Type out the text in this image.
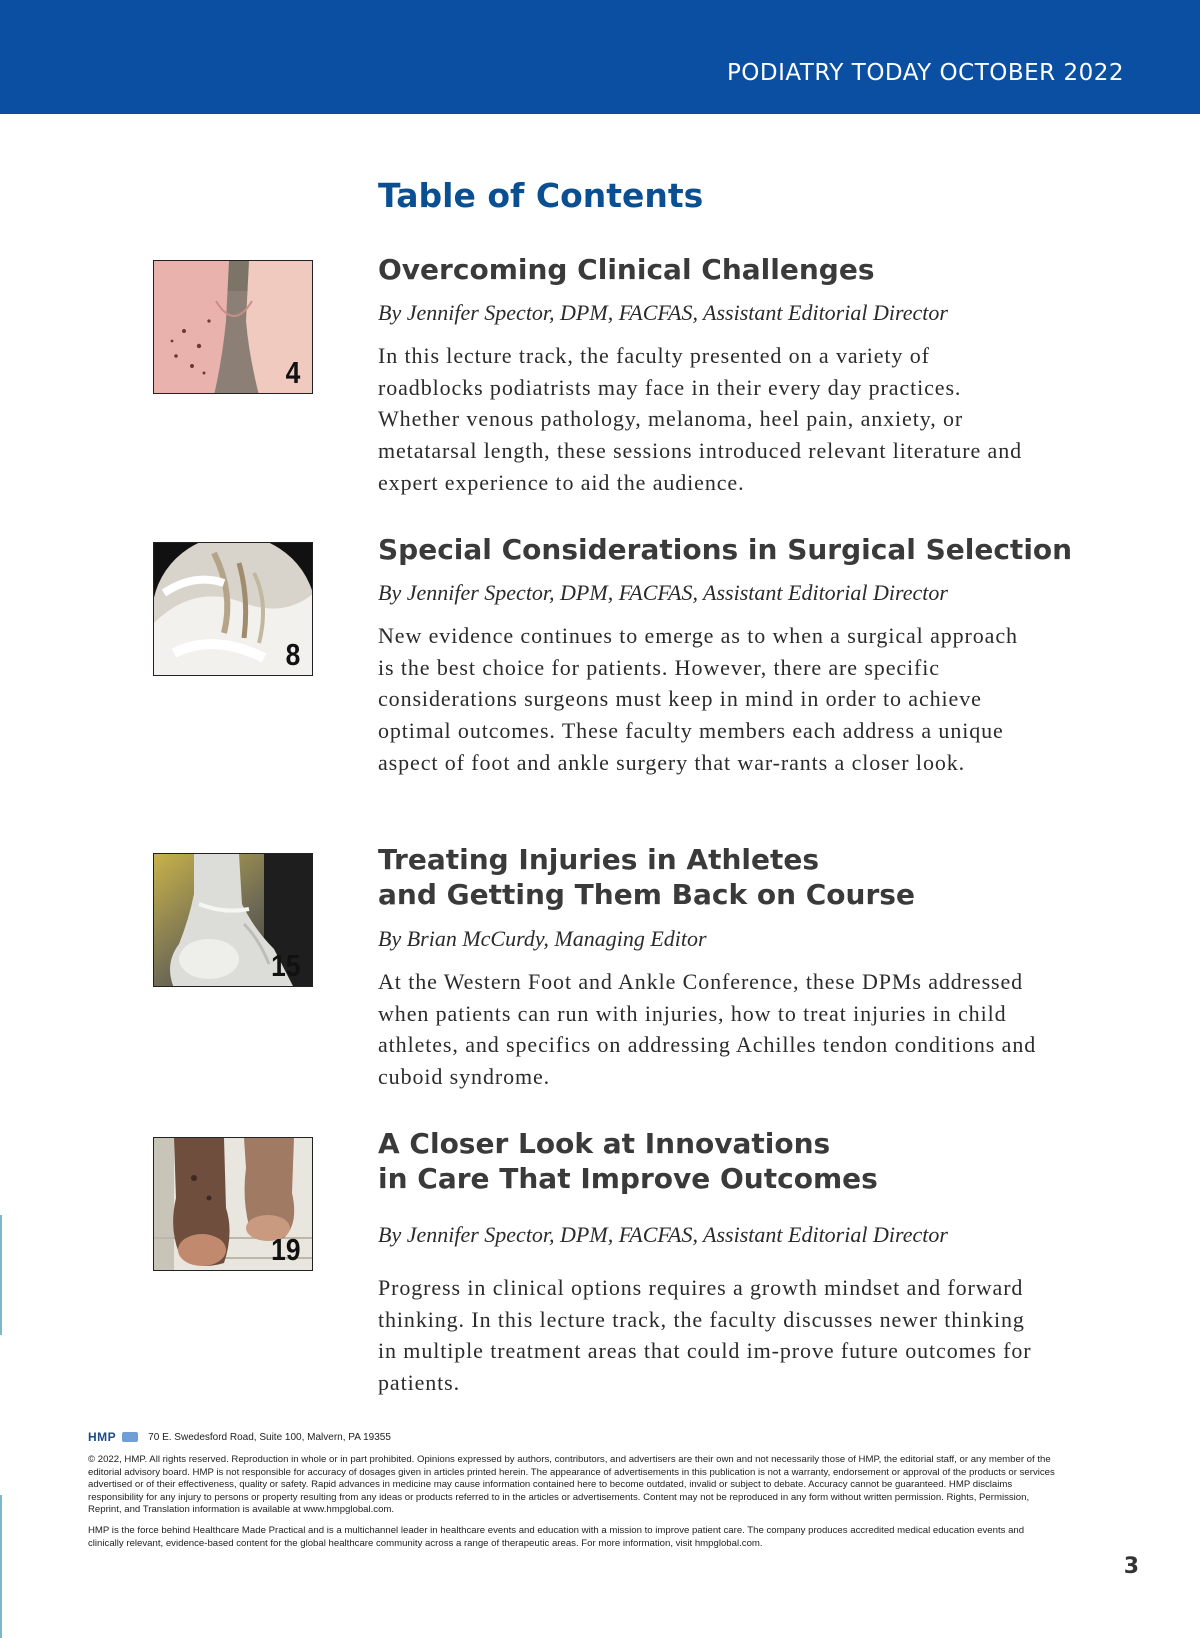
PODIATRY TODAY OCTOBER 2022
Table of Contents
4
Overcoming Clinical Challenges

By Jennifer Spector, DPM, FACFAS, Assistant Editorial Director

In this lecture track, the faculty presented on a variety of roadblocks podiatrists may face in their every day practices. Whether venous pathology, melanoma, heel pain, anxiety, or metatarsal length, these sessions introduced relevant literature and expert experience to aid the audience.

8
Special Considerations in Surgical Selection

By Jennifer Spector, DPM, FACFAS, Assistant Editorial Director

New evidence continues to emerge as to when a surgical approach is the best choice for patients. However, there are specific considerations surgeons must keep in mind in order to achieve optimal outcomes. These faculty members each address a unique aspect of foot and ankle surgery that war-rants a closer look.

15
Treating Injuries in Athletes
and Getting Them Back on Course

By Brian McCurdy, Managing Editor

At the Western Foot and Ankle Conference, these DPMs addressed when patients can run with injuries, how to treat injuries in child athletes, and specifics on addressing Achilles tendon conditions and cuboid syndrome.

19
A Closer Look at Innovations
in Care That Improve Outcomes

By Jennifer Spector, DPM, FACFAS, Assistant Editorial Director

Progress in clinical options requires a growth mindset and forward thinking. In this lecture track, the faculty discusses newer thinking in multiple treatment areas that could im-prove future outcomes for patients.

HMP	70 E. Swedesford Road, Suite 100, Malvern, PA 19355

© 2022, HMP. All rights reserved. Reproduction in whole or in part prohibited. Opinions expressed by authors, contributors, and advertisers are their own and not necessarily those of HMP, the editorial staff, or any member of the editorial advisory board. HMP is not responsible for accuracy of dosages given in articles printed herein. The appearance of advertisements in this publication is not a warranty, endorsement or approval of the products or services advertised or of their effectiveness, quality or safety. Rapid advances in medicine may cause information contained here to become outdated, invalid or subject to debate. Accuracy cannot be guaranteed. HMP disclaims responsibility for any injury to persons or property resulting from any ideas or products referred to in the articles or advertisements. Content may not be reproduced in any form without written permission. Rights, Permission, Reprint, and Translation information is available at www.hmpglobal.com.

HMP is the force behind Healthcare Made Practical and is a multichannel leader in healthcare events and education with a mission to improve patient care. The company produces accredited medical education events and clinically relevant, evidence-based content for the global healthcare community across a range of therapeutic areas. For more information, visit hmpglobal.com.

3
